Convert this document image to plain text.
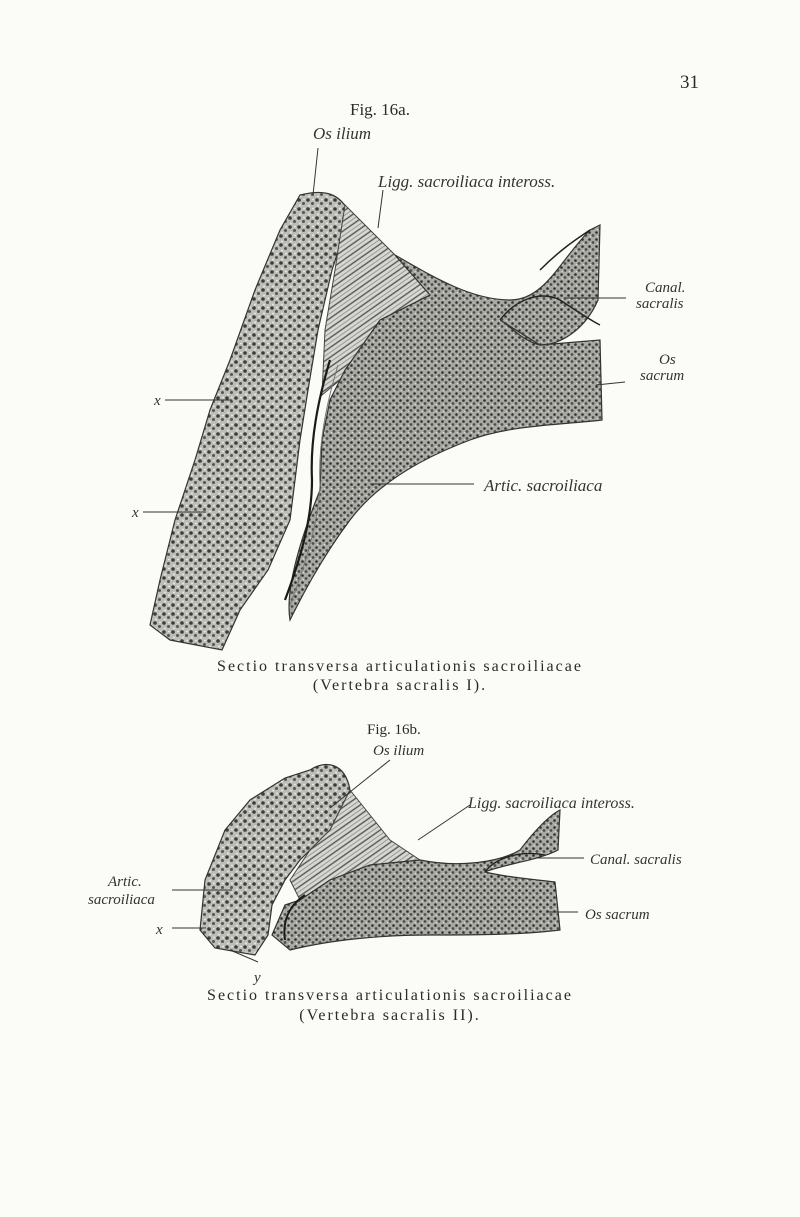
31
Fig. 16a.
Os ilium
Ligg. sacroiliaca inteross.
Canal.
sacralis
Os
sacrum
Artic. sacroiliaca
x
x
Sectio transversa articulationis sacroiliacae
(Vertebra sacralis I).
Fig. 16b.
Os ilium
Ligg. sacroiliaca inteross.
Canal. sacralis
Os sacrum
Artic.
sacroiliaca
x
y
Sectio transversa articulationis sacroiliacae
(Vertebra sacralis II).
